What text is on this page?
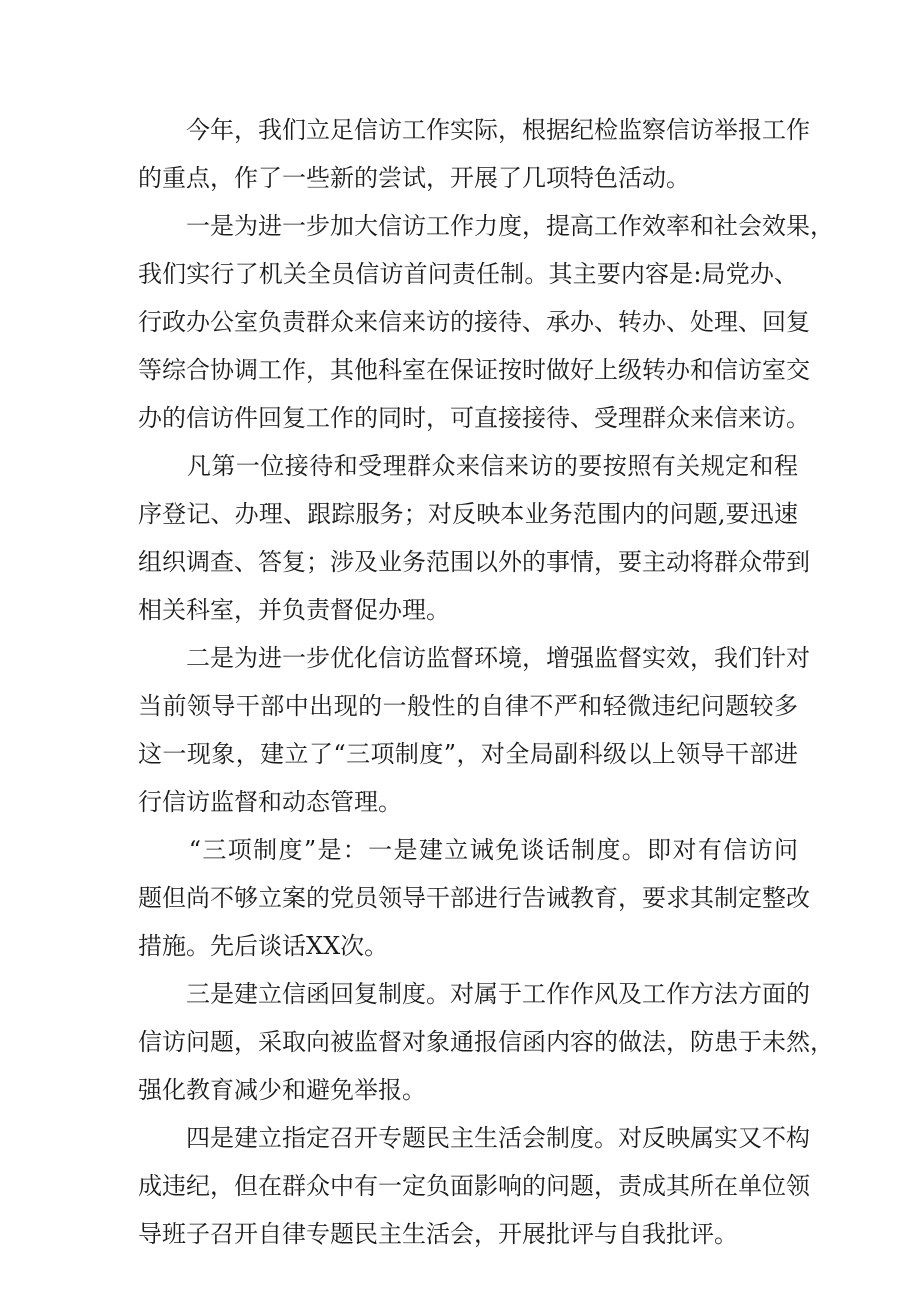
　　今年，我们立足信访工作实际，根据纪检监察信访举报工作
的重点，作了一些新的尝试，开展了几项特色活动。
　　一是为进一步加大信访工作力度，提高工作效率和社会效果，
我们实行了机关全员信访首问责任制。其主要内容是:局党办、
行政办公室负责群众来信来访的接待、承办、转办、处理、回复
等综合协调工作，其他科室在保证按时做好上级转办和信访室交
办的信访件回复工作的同时，可直接接待、受理群众来信来访。
　　凡第一位接待和受理群众来信来访的要按照有关规定和程
序登记、办理、跟踪服务；对反映本业务范围内的问题,要迅速
组织调查、答复；涉及业务范围以外的事情，要主动将群众带到
相关科室，并负责督促办理。
　　二是为进一步优化信访监督环境，增强监督实效，我们针对
当前领导干部中出现的一般性的自律不严和轻微违纪问题较多
这一现象，建立了“三项制度”，对全局副科级以上领导干部进
行信访监督和动态管理。
　　“三项制度”是：一是建立诫免谈话制度。即对有信访问
题但尚不够立案的党员领导干部进行告诫教育，要求其制定整改
措施。先后谈话XX次。
　　三是建立信函回复制度。对属于工作作风及工作方法方面的
信访问题，采取向被监督对象通报信函内容的做法，防患于未然，
强化教育减少和避免举报。
　　四是建立指定召开专题民主生活会制度。对反映属实又不构
成违纪，但在群众中有一定负面影响的问题，责成其所在单位领
导班子召开自律专题民主生活会，开展批评与自我批评。
